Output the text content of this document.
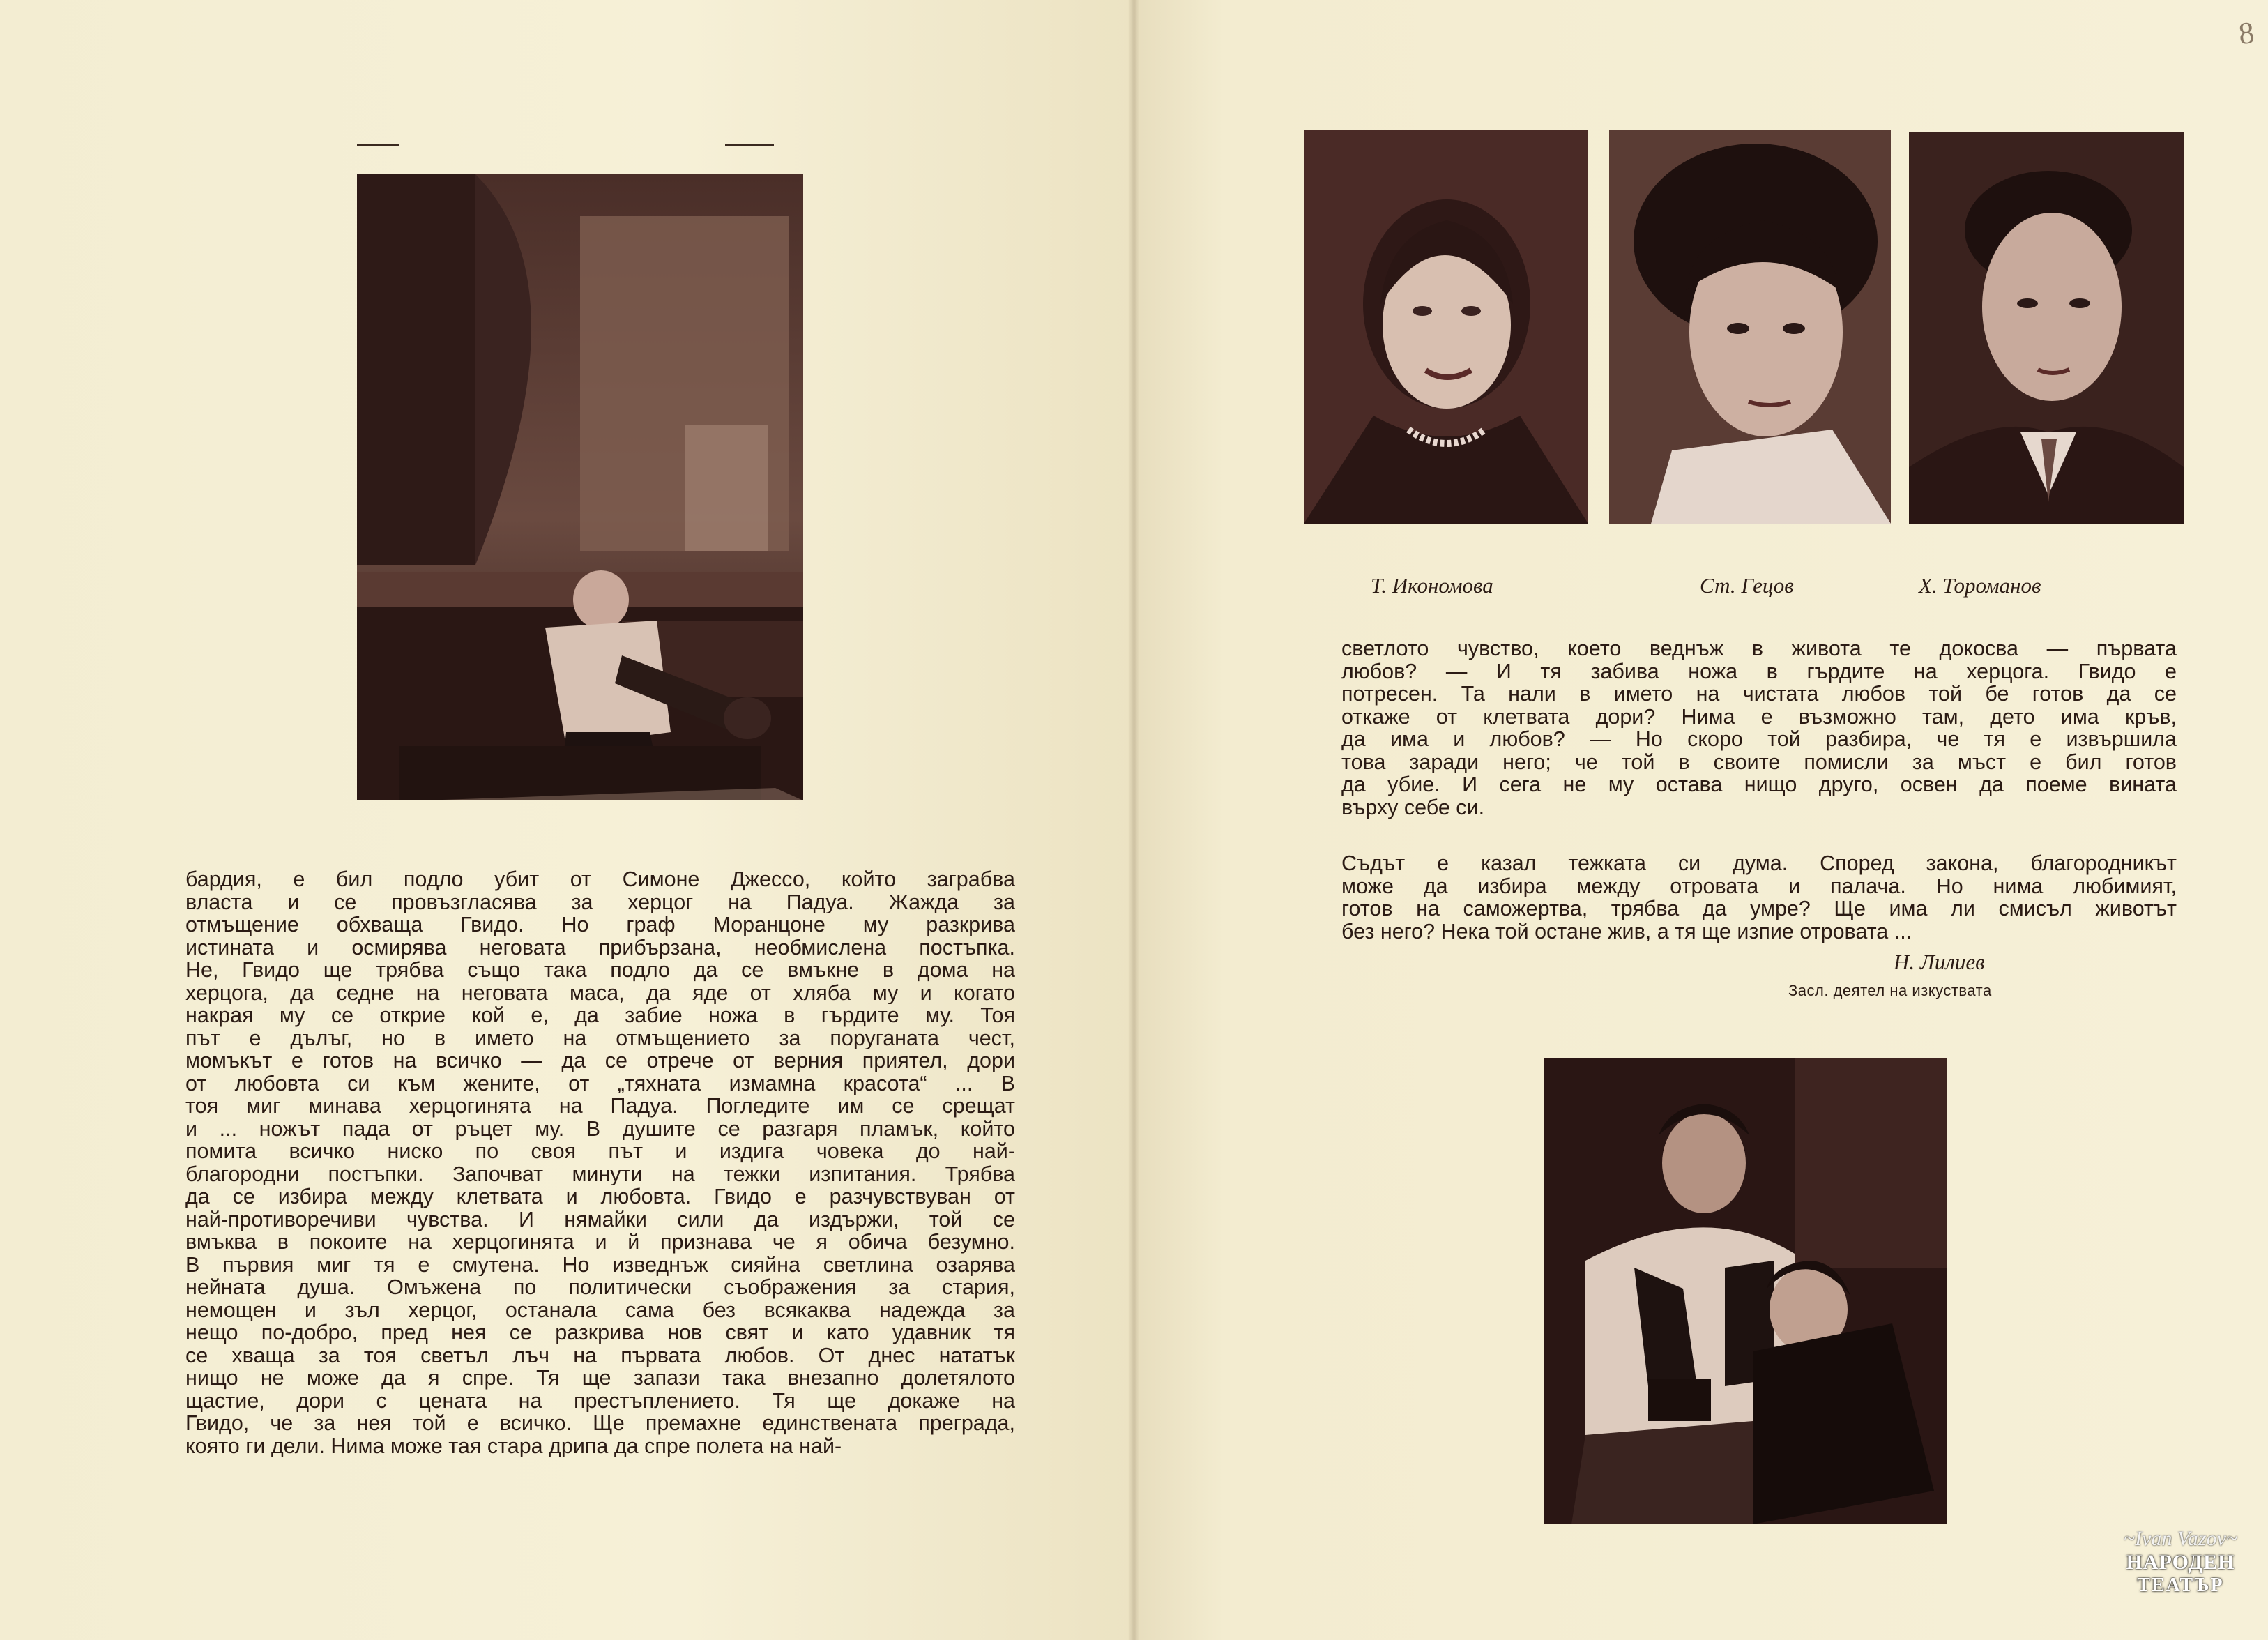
8
бардия, е бил подло убит от Симоне Джессо, който заграбва
властa и се провъзгласява за херцог на Падуа. Жажда за
отмъщение обхваща Гвидо. Но граф Моранцоне му разкрива
истината и осмирява неговата прибързана, необмислена постъпка.
Не, Гвидо ще трябва също така подло да се вмъкне в дома на
херцога, да седне на неговата маса, да яде от хляба му и когато
накрая му се открие кой е, да забие ножа в гърдите му. Тоя
път е дълъг, но в името на отмъщението за поруганата чест,
момъкът е готов на всичко — да се отрече от верния приятел, дори
от любовта си към жените, от „тяхната измамна красота“ ... В
тоя миг минава херцогинята на Падуа. Погледите им се срещат
и ... ножът пада от ръцет му. В душите се разгаря пламък, който
помита всичко ниско по своя път и издига човека до най-
благородни постъпки. Започват минути на тежки изпитания. Трябва
да се избира между клетвата и любовта. Гвидо е разчувствуван от
най-противоречиви чувства. И нямайки сили да издържи, той се
вмъква в покоите на херцогинята и й признава че я обича безумно.
В първия миг тя е смутена. Но изведнъж сияйна светлина озарява
нейната душа. Омъжена по политически съображения за стария,
немощен и зъл херцог, останала сама без всякаква надежда за
нещо по-добро, пред нея се разкрива нов свят и като удавник тя
се хваща за тоя светъл лъч на първата любов. От днес нататък
нищо не може да я спре. Тя ще запази така внезапно долетялото
щастие, дори с цената на престъплението. Тя ще докаже на
Гвидо, че за нея той е всичко. Ще премахне единствената преграда,
която ги дели. Нима може тая стара дрипа да спре полета на най-
Т. Икономова	Ст. Гецов	Х. Тороманов
светлото чувство, което веднъж в живота те докосва — първата
любов? — И тя забива ножа в гърдите на херцога. Гвидо е
потресен. Та нали в името на чистата любов той бе готов да се
откаже от клетвата дори? Нима е възможно там, дето има кръв,
да има и любов? — Но скоро той разбира, че тя е извършила
това заради него; че той в своите помисли за мъст е бил готов
да убие. И сега не му остава нищо друго, освен да поеме вината
върху себе си.
Съдът е казал тежката си дума. Според закона, благородникът
може да избира между отровата и палача. Но нима любимият,
готов на саможертва, трябва да умре? Ще има ли смисъл животът
без него? Нека той остане жив, а тя ще изпие отровата ...
Н. Лилиев
Засл. деятел на изкуствата
~Ivan Vazov~
НАРОДЕН
ТЕАТЪР
